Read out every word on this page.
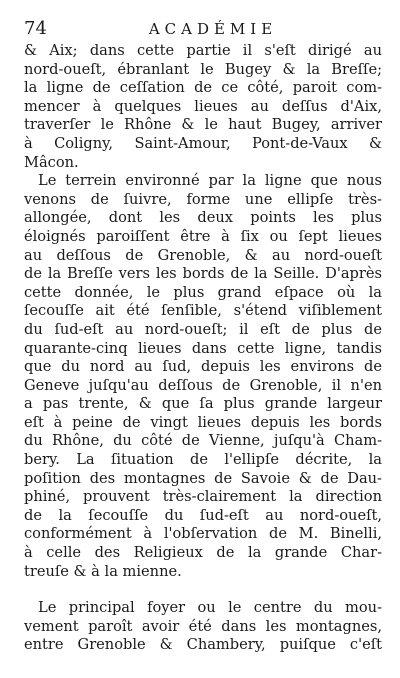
74	ACADÉMIE
& Aix; dans cette partie il s'eſt dirigé au
nord-oueſt, ébranlant le Bugey & la Breſſe;
la ligne de ceſſation de ce côté, paroit com-
mencer à quelques lieues au deſſus d'Aix,
traverſer le Rhône & le haut Bugey, arriver
à Coligny, Saint-Amour, Pont-de-Vaux &
Mâcon.
Le terrein environné par la ligne que nous
venons de ſuivre, forme une ellipſe très-
allongée, dont les deux points les plus
éloignés paroiſſent être à ſix ou ſept lieues
au deſſous de Grenoble, & au nord-oueſt
de la Breſſe vers les bords de la Seille. D'après
cette donnée, le plus grand eſpace où la
ſecouſſe ait été ſenſible, s'étend viſiblement
du ſud-eſt au nord-oueſt; il eſt de plus de
quarante-cinq lieues dans cette ligne, tandis
que du nord au ſud, depuis les environs de
Geneve juſqu'au deſſous de Grenoble, il n'en
a pas trente, & que ſa plus grande largeur
eſt à peine de vingt lieues depuis les bords
du Rhône, du côté de Vienne, juſqu'à Cham-
bery. La ſituation de l'ellipſe décrite, la
poſition des montagnes de Savoie & de Dau-
phiné, prouvent très-clairement la direction
de la ſecouſſe du ſud-eſt au nord-oueſt,
conformément à l'obſervation de M. Binelli,
à celle des Religieux de la grande Char-
treuſe & à la mienne.
Le principal foyer ou le centre du mou-
vement paroît avoir été dans les montagnes,
entre Grenoble & Chambery, puiſque c'eſt
